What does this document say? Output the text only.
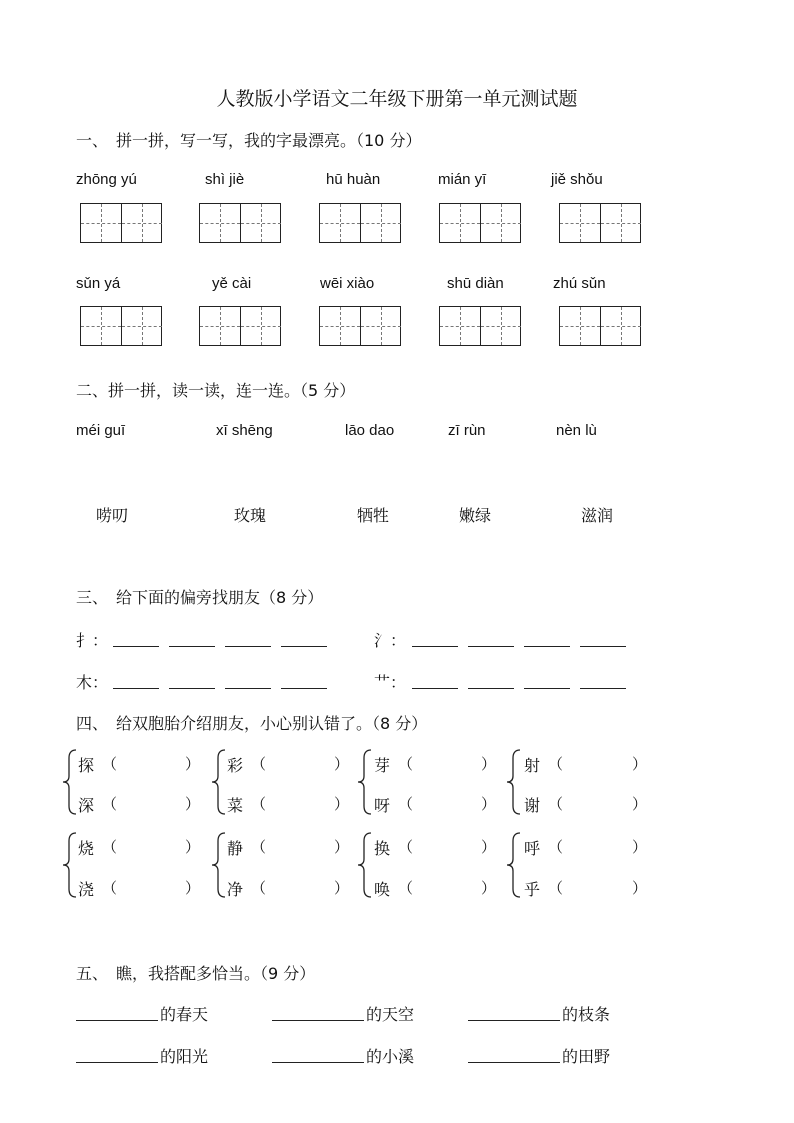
人教版小学语文二年级下册第一单元测试题
一、　拼一拼，写一写，我的字最漂亮。（10 分）
zhōng yú	shì jiè	hū huàn	mián yī	jiě shǒu
sǔn yá	yě cài	wēi xiào	shū diàn	zhú sǔn
二、拼一拼，读一读，连一连。（5 分）
méi guī	xī shēng	lāo dao	zī rùn	nèn lù
唠叨	玫瑰	牺牲	嫩绿	滋润
三、　给下面的偏旁找朋友（8 分）
扌：	氵：
木：	艹：
四、　给双胞胎介绍朋友，小心别认错了。（8 分）
探 （	）
深 （	）
彩 （	）
菜 （	）
芽 （	）
呀 （	）
射 （	）
谢 （	）
烧 （	）
浇 （	）
静 （	）
净 （	）
换 （	）
唤 （	）
呼 （	）
乎 （	）
五、　瞧，我搭配多恰当。（9 分）
的春天	的天空	的枝条
的阳光	的小溪	的田野
